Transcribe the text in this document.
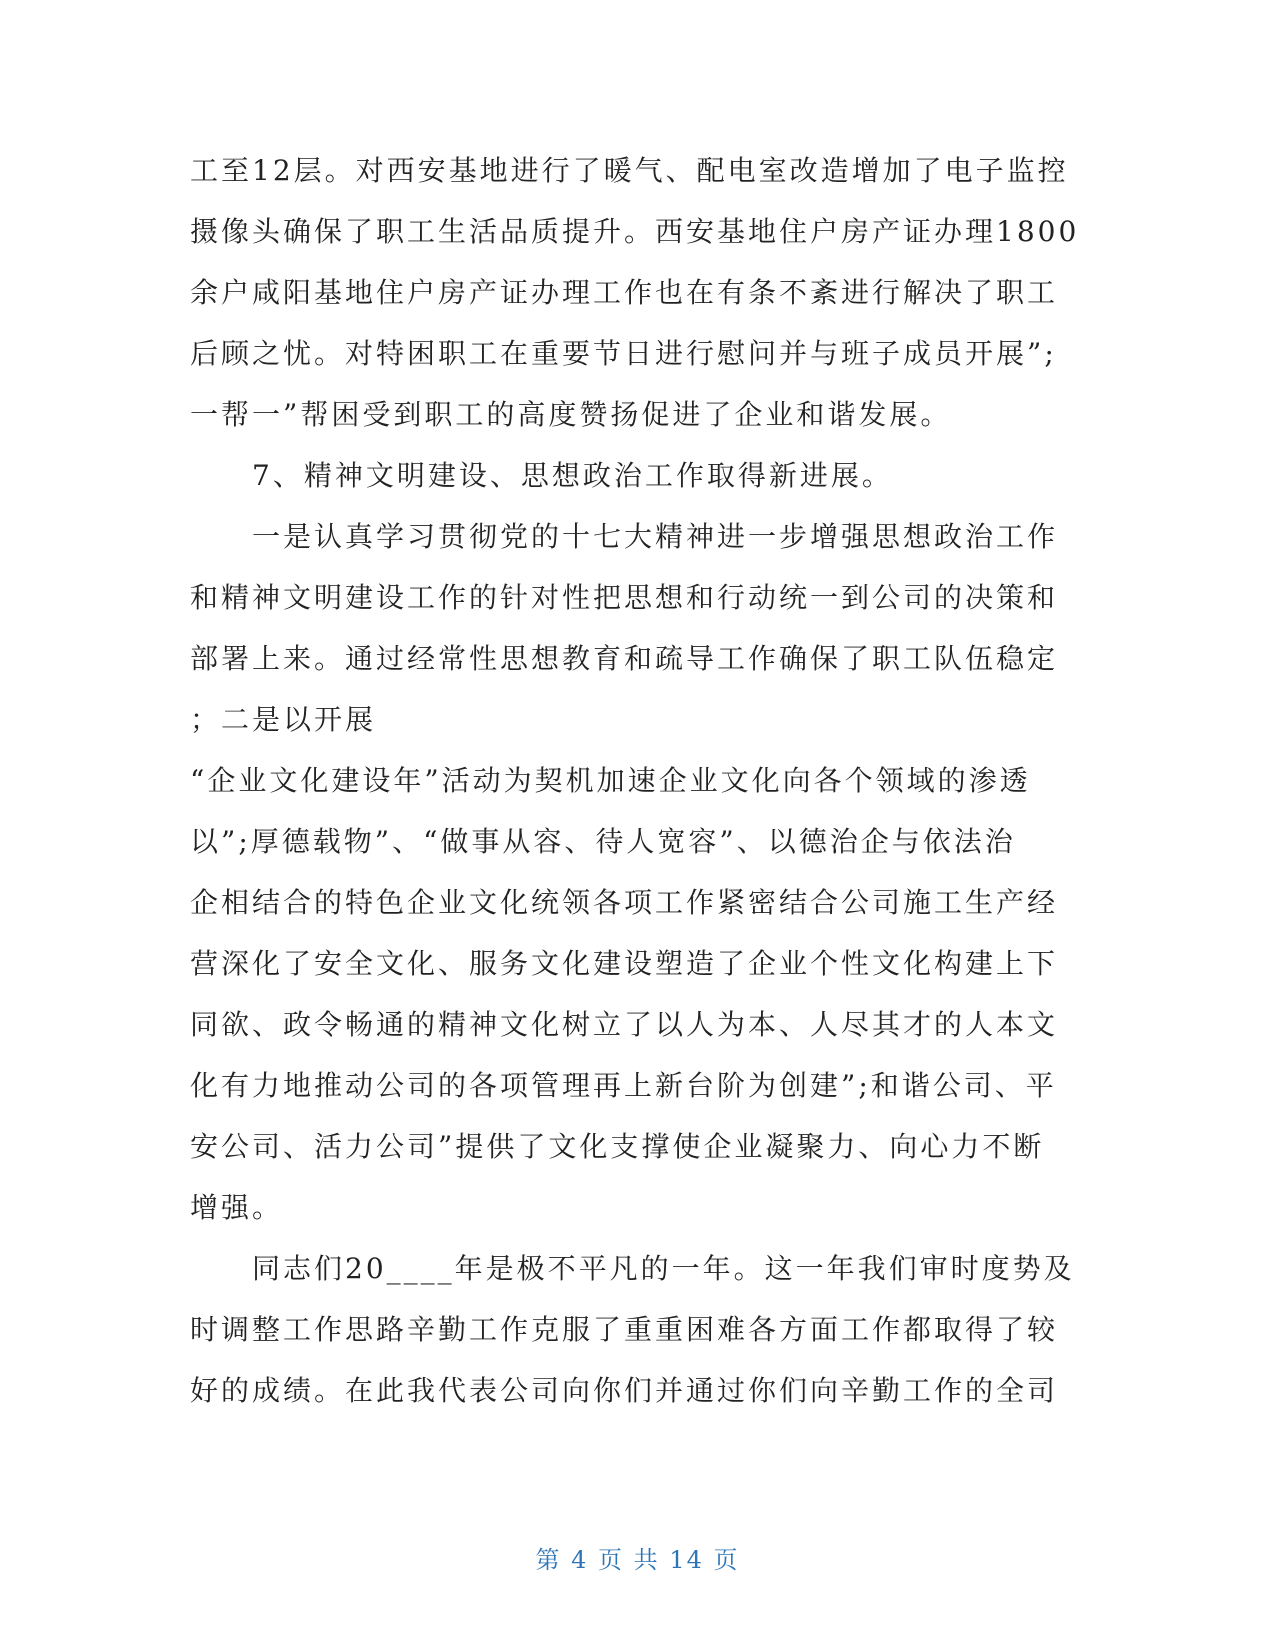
工至12层。对西安基地进行了暖气、配电室改造增加了电子监控
摄像头确保了职工生活品质提升。西安基地住户房产证办理1800
余户咸阳基地住户房产证办理工作也在有条不紊进行解决了职工
后顾之忧。对特困职工在重要节日进行慰问并与班子成员开展”;
一帮一”帮困受到职工的高度赞扬促进了企业和谐发展。
7、精神文明建设、思想政治工作取得新进展。
一是认真学习贯彻党的十七大精神进一步增强思想政治工作
和精神文明建设工作的针对性把思想和行动统一到公司的决策和
部署上来。通过经常性思想教育和疏导工作确保了职工队伍稳定
；二是以开展
“企业文化建设年”活动为契机加速企业文化向各个领域的渗透
以”;厚德载物”、“做事从容、待人宽容”、以德治企与依法治
企相结合的特色企业文化统领各项工作紧密结合公司施工生产经
营深化了安全文化、服务文化建设塑造了企业个性文化构建上下
同欲、政令畅通的精神文化树立了以人为本、人尽其才的人本文
化有力地推动公司的各项管理再上新台阶为创建”;和谐公司、平
安公司、活力公司”提供了文化支撑使企业凝聚力、向心力不断
增强。
同志们20____年是极不平凡的一年。这一年我们审时度势及
时调整工作思路辛勤工作克服了重重困难各方面工作都取得了较
好的成绩。在此我代表公司向你们并通过你们向辛勤工作的全司
第 4 页 共 14 页
